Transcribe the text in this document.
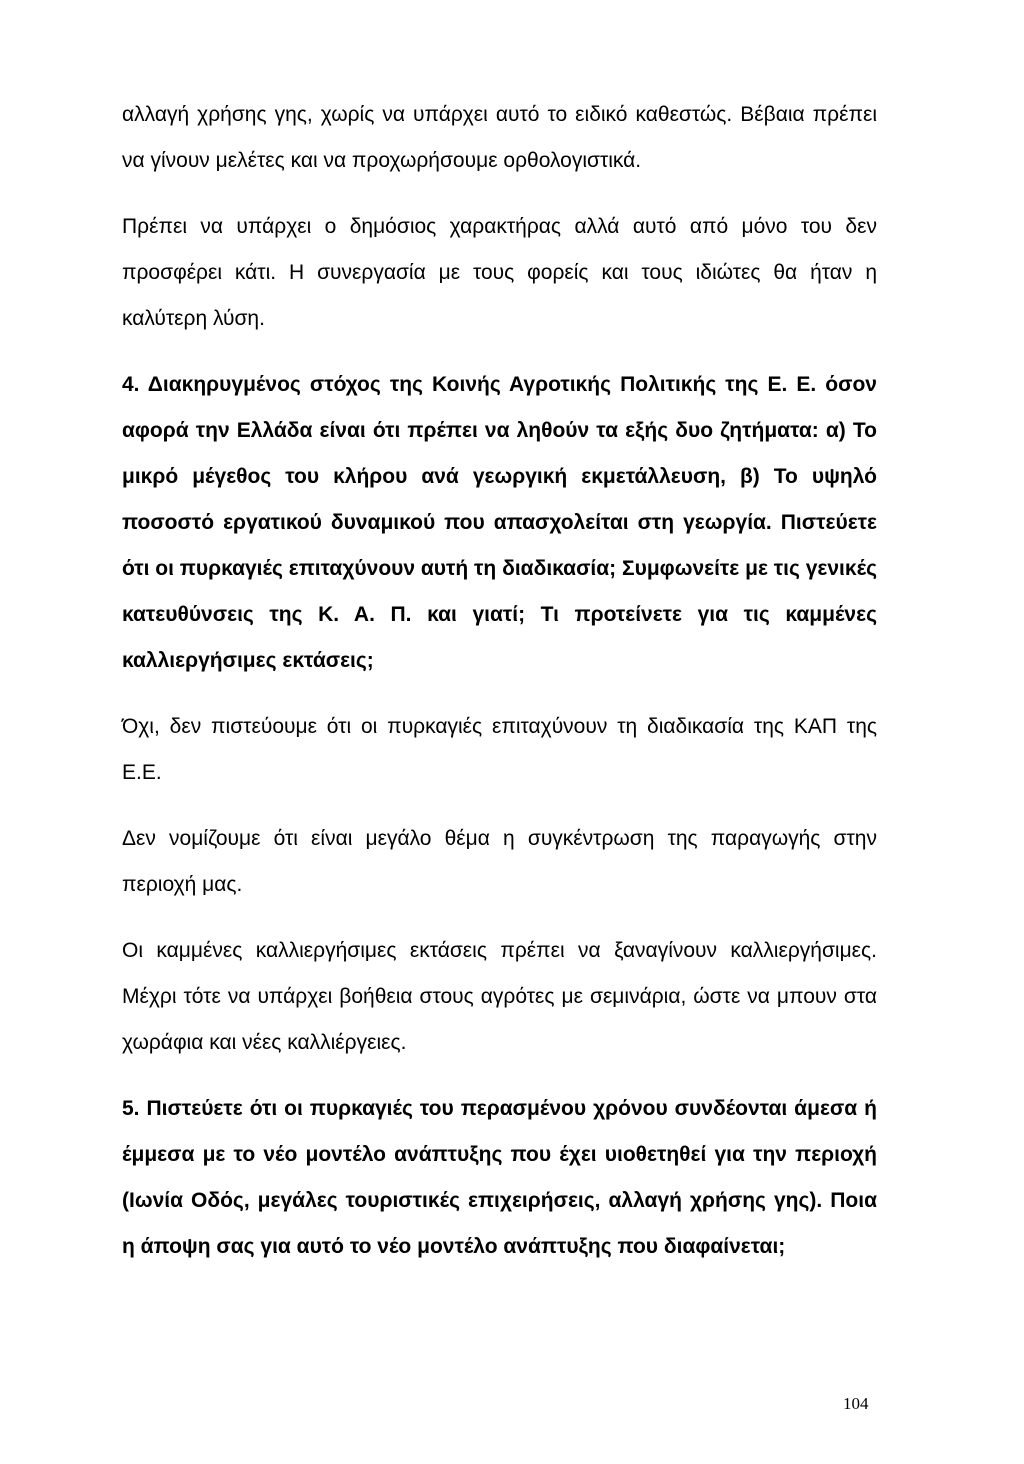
αλλαγή χρήσης γης, χωρίς να υπάρχει αυτό το ειδικό καθεστώς. Βέβαια πρέπει να γίνουν μελέτες και να προχωρήσουμε ορθολογιστικά.

Πρέπει να υπάρχει ο δημόσιος χαρακτήρας αλλά αυτό από μόνο του δεν προσφέρει κάτι. Η συνεργασία με τους φορείς και τους ιδιώτες θα ήταν η καλύτερη λύση.

4. Διακηρυγμένος στόχος της Κοινής Αγροτικής Πολιτικής της Ε. Ε. όσον αφορά την Ελλάδα είναι ότι πρέπει να ληθούν τα εξής δυο ζητήματα: α) Το μικρό μέγεθος του κλήρου ανά γεωργική εκμετάλλευση, β) Το υψηλό ποσοστό εργατικού δυναμικού που απασχολείται στη γεωργία. Πιστεύετε ότι οι πυρκαγιές επιταχύνουν αυτή τη διαδικασία; Συμφωνείτε με τις γενικές κατευθύνσεις της Κ. Α. Π. και γιατί; Τι προτείνετε για τις καμμένες καλλιεργήσιμες εκτάσεις;

Όχι, δεν πιστεύουμε ότι οι πυρκαγιές επιταχύνουν τη διαδικασία της ΚΑΠ της Ε.Ε.

Δεν νομίζουμε ότι είναι μεγάλο θέμα η συγκέντρωση της παραγωγής στην περιοχή μας.

Οι καμμένες καλλιεργήσιμες εκτάσεις πρέπει να ξαναγίνουν καλλιεργήσιμες. Μέχρι τότε να υπάρχει βοήθεια στους αγρότες με σεμινάρια, ώστε να μπουν στα χωράφια και νέες καλλιέργειες.

5. Πιστεύετε ότι οι πυρκαγιές του περασμένου χρόνου συνδέονται άμεσα ή έμμεσα με το νέο μοντέλο ανάπτυξης που έχει υιοθετηθεί για την περιοχή (Ιωνία Οδός, μεγάλες τουριστικές επιχειρήσεις, αλλαγή χρήσης γης). Ποια η άποψη σας για αυτό το νέο μοντέλο ανάπτυξης που διαφαίνεται;

104
